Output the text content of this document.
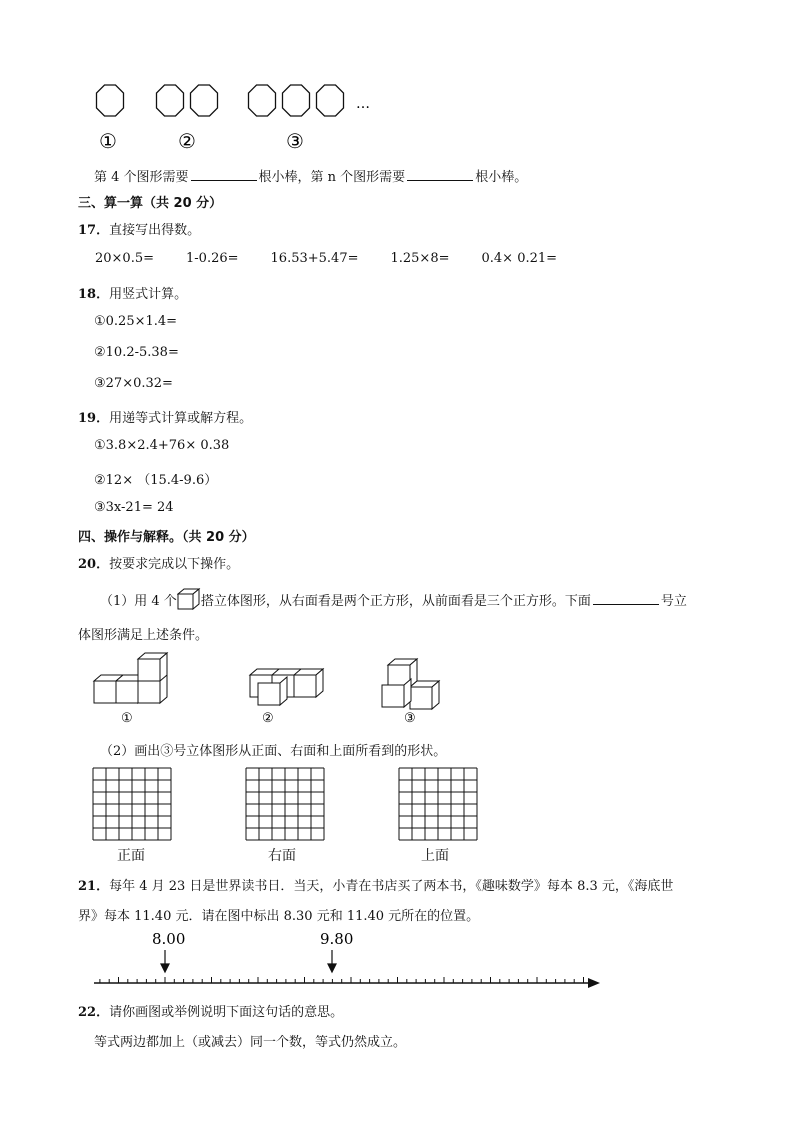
…
①	②	③
第 4 个图形需要	根小棒，第 n 个图形需要	根小棒。
三、算一算（共 20 分）
17．直接写出得数。
20×0.5= 1-0.26= 16.53+5.47= 1.25×8= 0.4× 0.21=
18．用竖式计算。
①0.25×1.4=
②10.2-5.38=
③27×0.32=
19．用递等式计算或解方程。
①3.8×2.4+76× 0.38
②12× （15.4-9.6）
③3x-21= 24
四、操作与解释。（共 20 分）
20．按要求完成以下操作。
（1）用 4 个 搭立体图形，从右面看是两个正方形，从前面看是三个正方形。下面	号立
体图形满足上述条件。
①	②	③
（2）画出③号立体图形从正面、右面和上面所看到的形状。
正面	右面	上面
21．每年 4 月 23 日是世界读书日．当天，小青在书店买了两本书，《趣味数学》每本 8.3 元，《海底世
界》每本 11.40 元．请在图中标出 8.30 元和 11.40 元所在的位置。
8.00	9.80
22．请你画图或举例说明下面这句话的意思。
等式两边都加上（或减去）同一个数，等式仍然成立。
